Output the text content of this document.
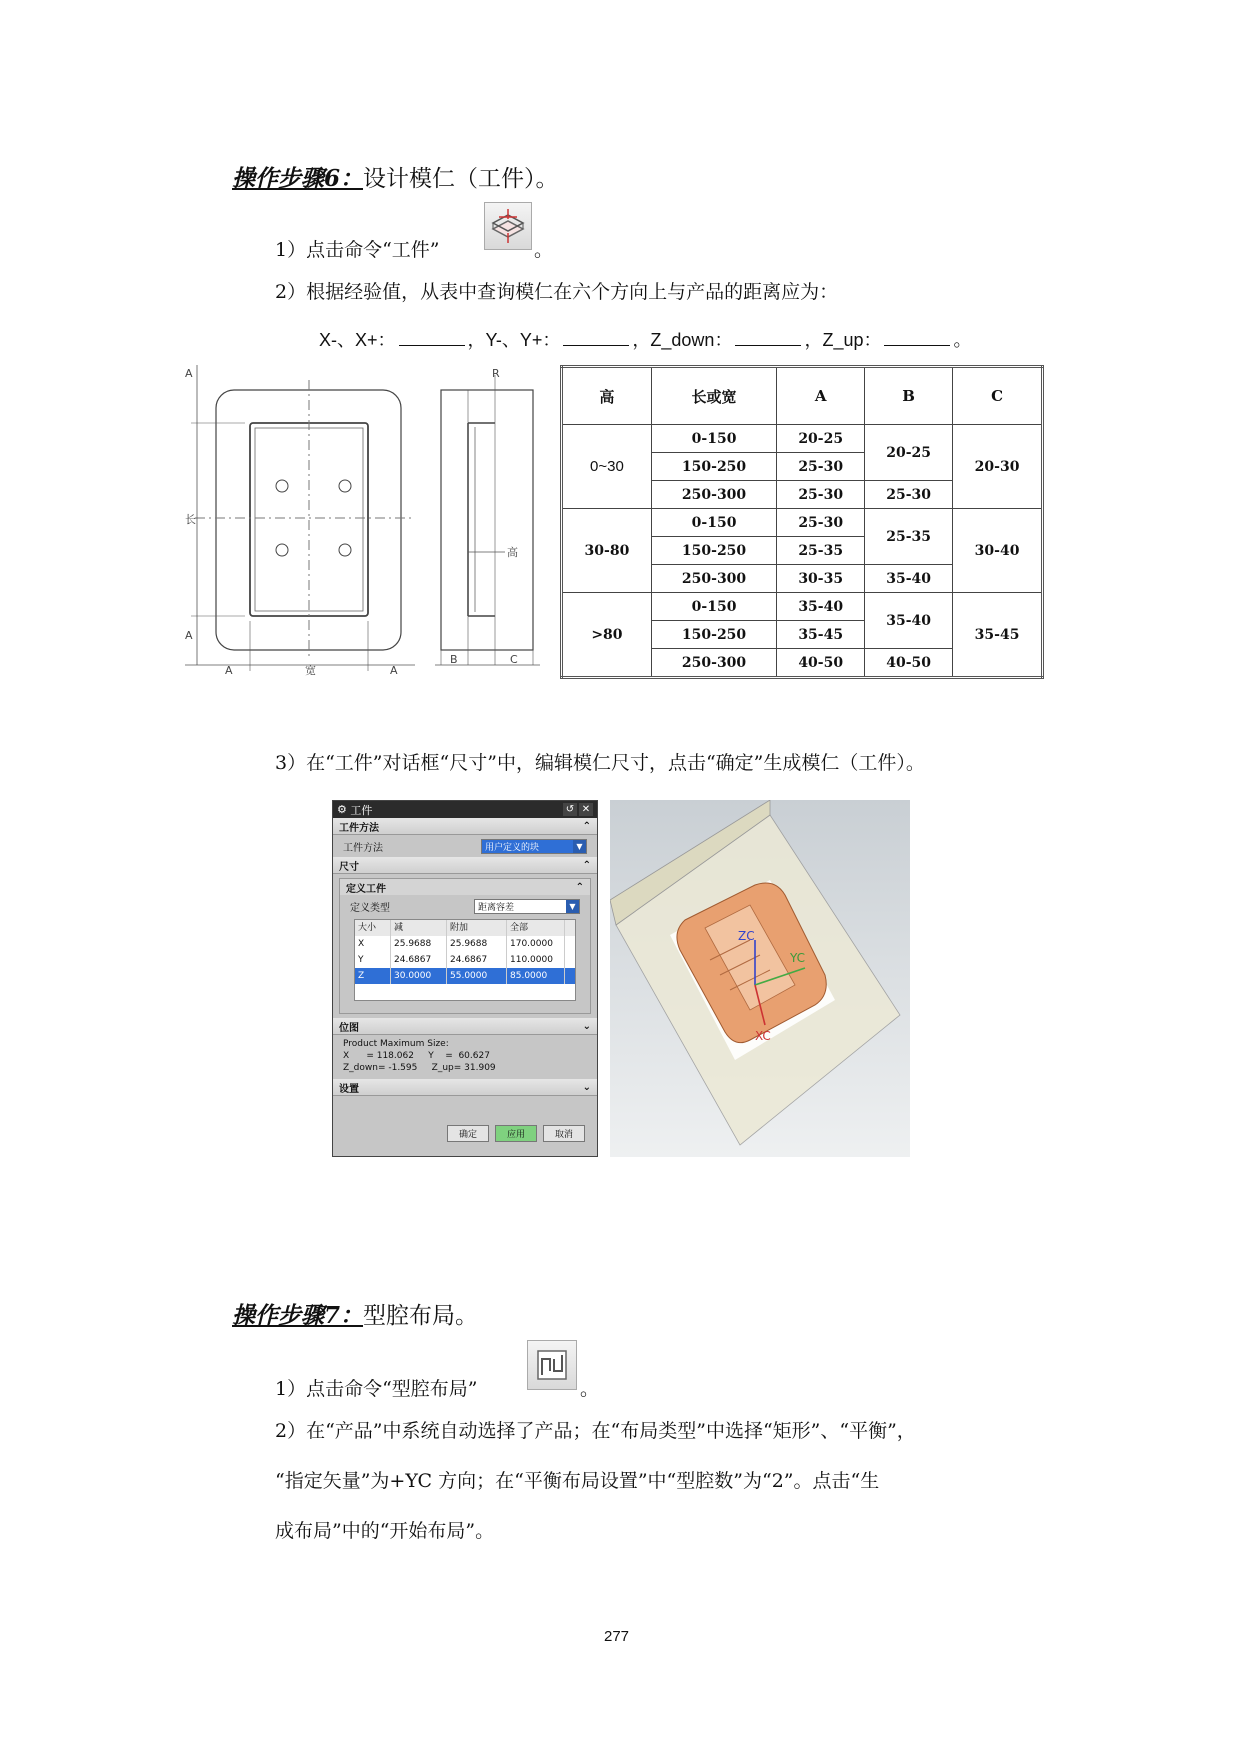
操作步骤6：设计模仁（工件）。
1）点击命令“工件”	。
2）根据经验值，从表中查询模仁在六个方向上与产品的距离应为：
X-、X+：	，Y-、Y+：	，Z_down：	，Z_up：	。
A
长
A
A	宽	A
高
R
B	C
高	长或宽	A	B	C
0~30	0-150	20-25	20-25	20-30
	150-250	25-30		
	250-300	25-30	25-30	
30-80	0-150	25-30	25-35	30-40
	150-250	25-35		
	250-300	30-35	35-40	
>80	0-150	35-40	35-40	35-45
	150-250	35-45		
	250-300	40-50	40-50	
3）在“工件”对话框“尺寸”中，编辑模仁尺寸，点击“确定”生成模仁（工件）。
⚙
工件	↺ ✕
工件方法	⌃
工件方法	用户定义的块	▼
尺寸	⌃
定义工件	⌃
定义类型	距离容差	▼
大小	减	附加	全部
X	25.9688	25.9688	170.0000
Y	24.6867	24.6867	110.0000
Z	30.0000	55.0000	85.0000
位图	⌄
Product Maximum Size:
X      = 118.062     Y    =  60.627
Z_down= -1.595     Z_up= 31.909
设置	⌄
确定	应用	取消
ZC
YC
XC
操作步骤7：型腔布局。
1）点击命令“型腔布局”	。
2）在“产品”中系统自动选择了产品；在“布局类型”中选择“矩形”、“平衡”，
“指定矢量”为+YC 方向；在“平衡布局设置”中“型腔数”为“2”。点击“生
成布局”中的“开始布局”。
277
